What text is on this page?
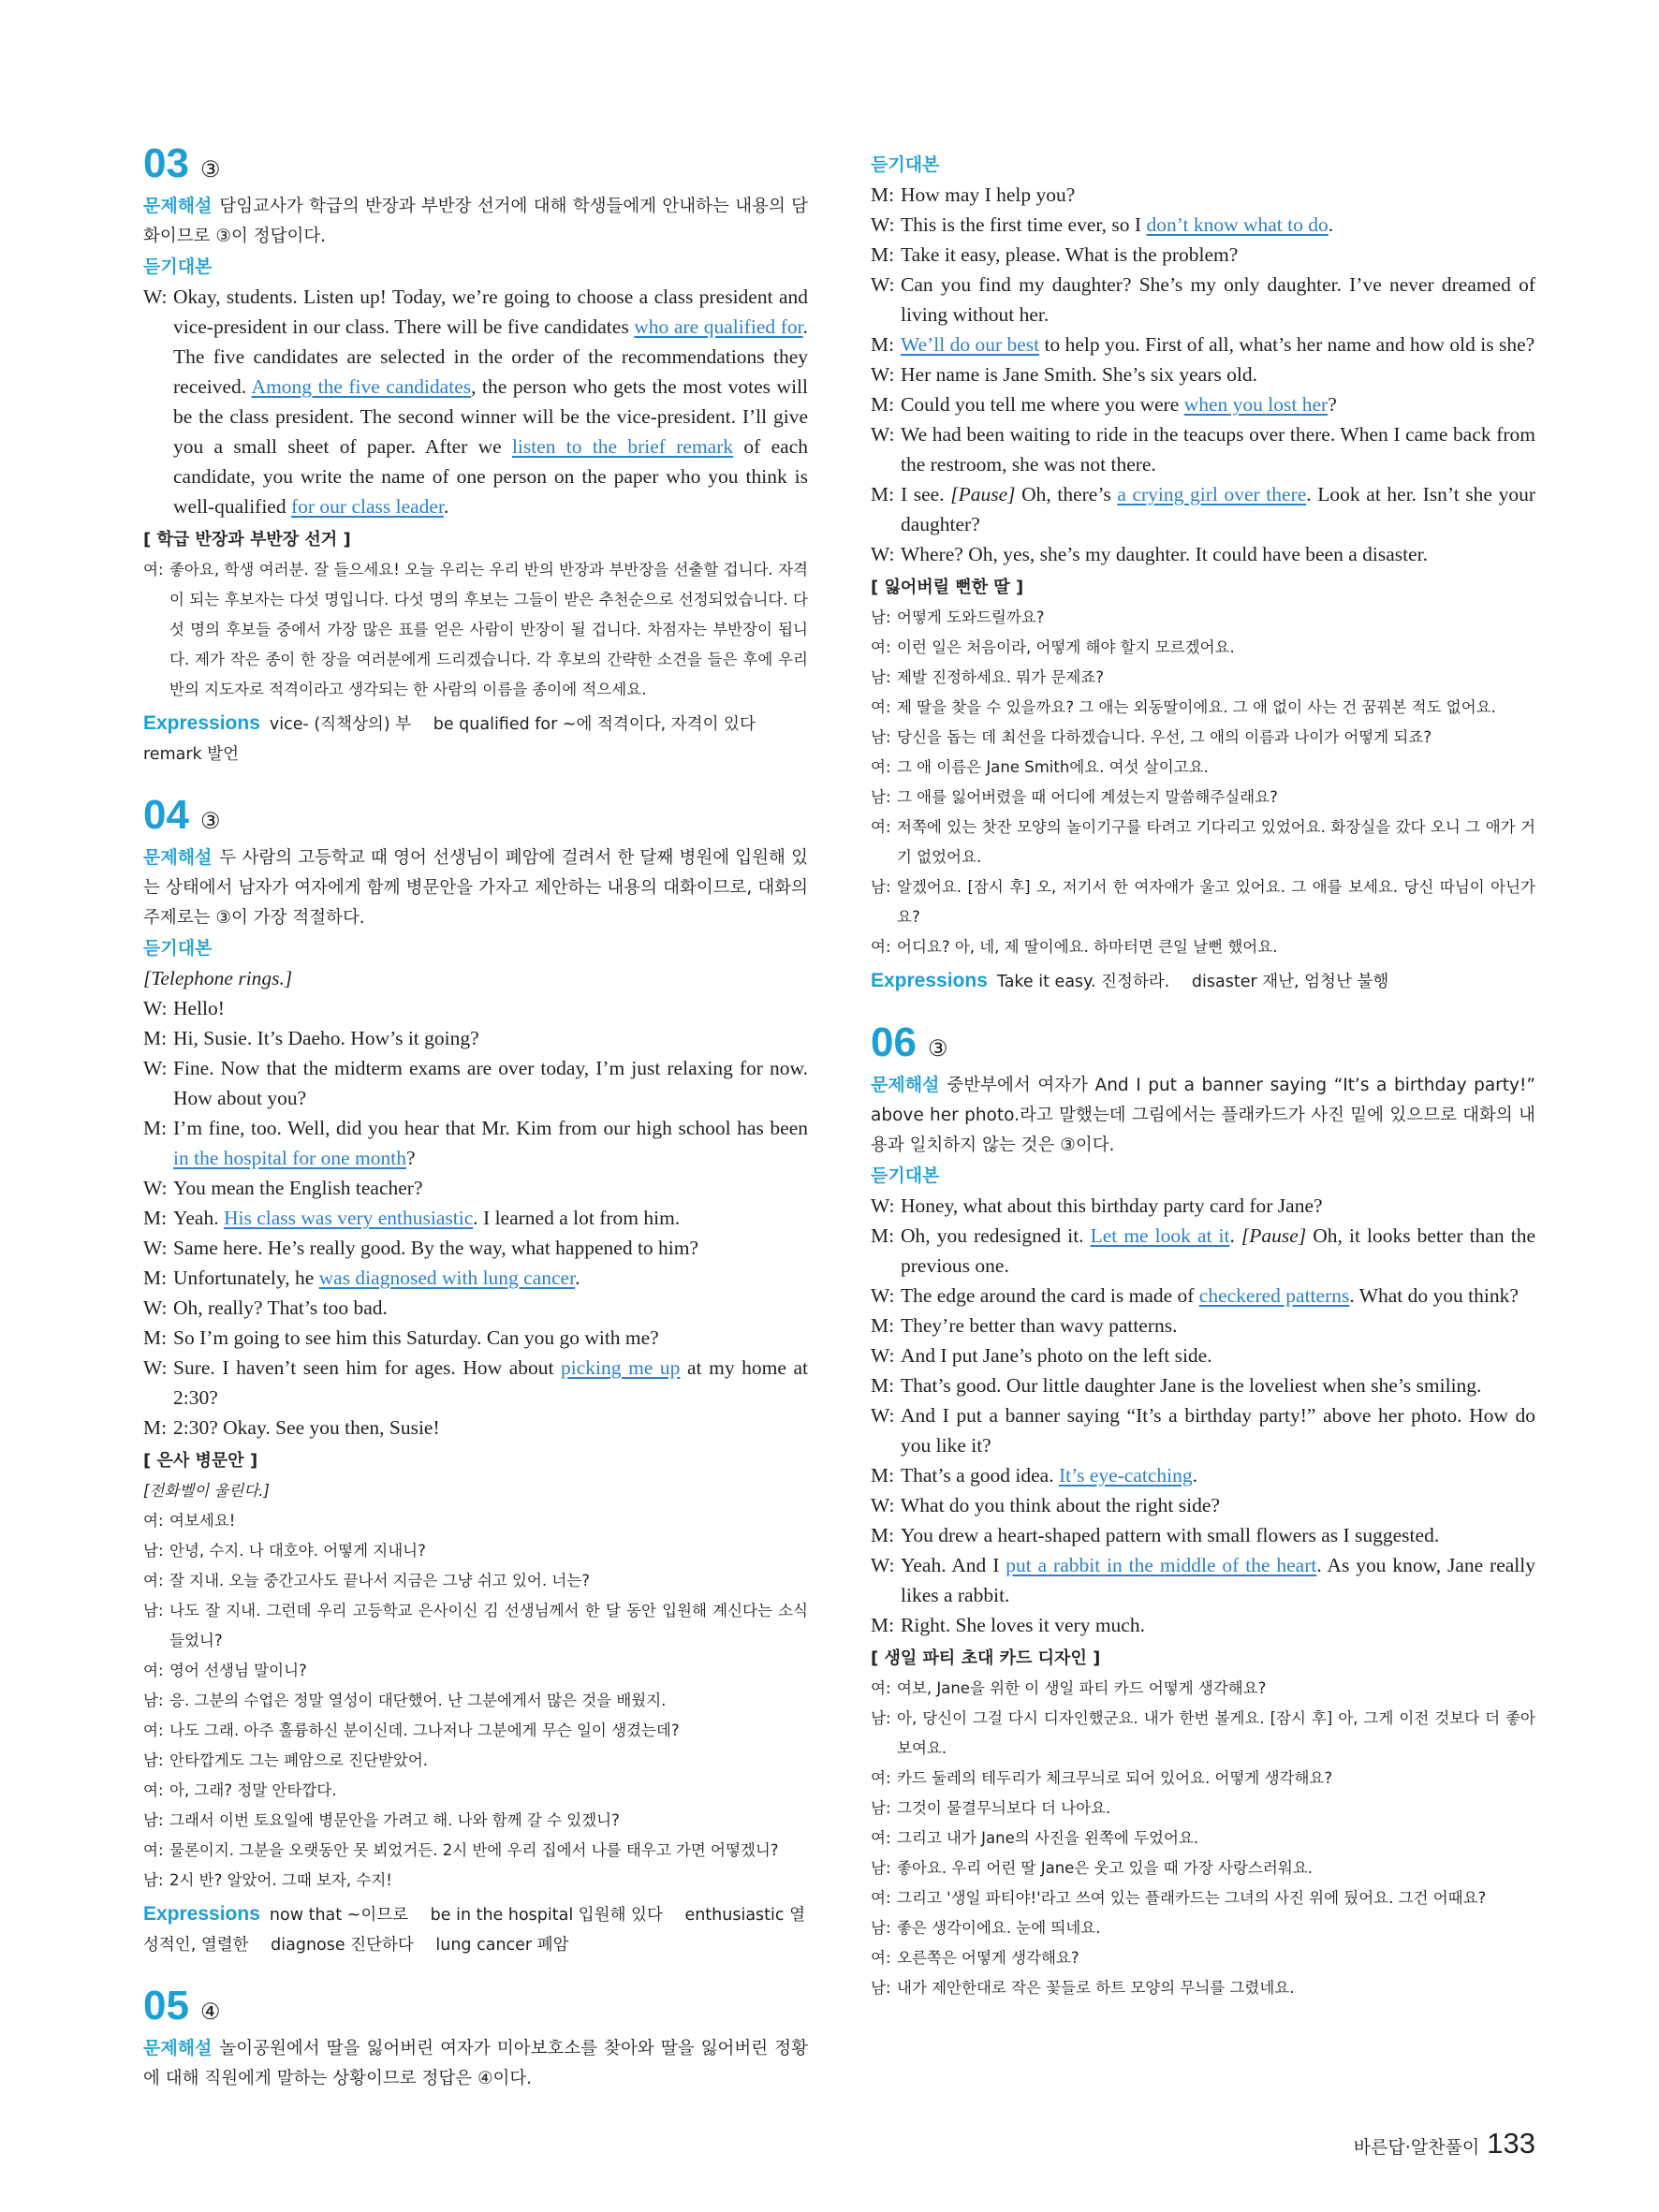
03 ③

문제해설 담임교사가 학급의 반장과 부반장 선거에 대해 학생들에게 안내하는 내용의 담화이므로 ③이 정답이다.

듣기대본

W: Okay, students. Listen up! Today, we’re going to choose a class president and vice-president in our class. There will be five candidates who are qualified for. The five candidates are selected in the order of the recommendations they received. Among the five candidates, the person who gets the most votes will be the class president. The second winner will be the vice-president. I’ll give you a small sheet of paper. After we listen to the brief remark of each candidate, you write the name of one person on the paper who you think is well-qualified for our class leader.
[ 학급 반장과 부반장 선거 ]
여: 좋아요, 학생 여러분. 잘 들으세요! 오늘 우리는 우리 반의 반장과 부반장을 선출할 겁니다. 자격이 되는 후보자는 다섯 명입니다. 다섯 명의 후보는 그들이 받은 추천순으로 선정되었습니다. 다섯 명의 후보들 중에서 가장 많은 표를 얻은 사람이 반장이 될 겁니다. 차점자는 부반장이 됩니다. 제가 작은 종이 한 장을 여러분에게 드리겠습니다. 각 후보의 간략한 소견을 들은 후에 우리 반의 지도자로 적격이라고 생각되는 한 사람의 이름을 종이에 적으세요.

Expressions vice- (직책상의) 부 be qualified for ~에 적격이다, 자격이 있다 remark 발언

04 ③

문제해설 두 사람의 고등학교 때 영어 선생님이 폐암에 걸려서 한 달째 병원에 입원해 있는 상태에서 남자가 여자에게 함께 병문안을 가자고 제안하는 내용의 대화이므로, 대화의 주제로는 ③이 가장 적절하다.

듣기대본

[Telephone rings.]
W: Hello!
M: Hi, Susie. It’s Daeho. How’s it going?
W: Fine. Now that the midterm exams are over today, I’m just relaxing for now. How about you?
M: I’m fine, too. Well, did you hear that Mr. Kim from our high school has been in the hospital for one month?
W: You mean the English teacher?
M: Yeah. His class was very enthusiastic. I learned a lot from him.
W: Same here. He’s really good. By the way, what happened to him?
M: Unfortunately, he was diagnosed with lung cancer.
W: Oh, really? That’s too bad.
M: So I’m going to see him this Saturday. Can you go with me?
W: Sure. I haven’t seen him for ages. How about picking me up at my home at 2:30?
M: 2:30? Okay. See you then, Susie!
[ 은사 병문안 ]
[전화벨이 울린다.]
여: 여보세요!
남: 안녕, 수지. 나 대호야. 어떻게 지내니?
여: 잘 지내. 오늘 중간고사도 끝나서 지금은 그냥 쉬고 있어. 너는?
남: 나도 잘 지내. 그런데 우리 고등학교 은사이신 김 선생님께서 한 달 동안 입원해 계신다는 소식 들었니?
여: 영어 선생님 말이니?
남: 응. 그분의 수업은 정말 열성이 대단했어. 난 그분에게서 많은 것을 배웠지.
여: 나도 그래. 아주 훌륭하신 분이신데. 그나저나 그분에게 무슨 일이 생겼는데?
남: 안타깝게도 그는 폐암으로 진단받았어.
여: 아, 그래? 정말 안타깝다.
남: 그래서 이번 토요일에 병문안을 가려고 해. 나와 함께 갈 수 있겠니?
여: 물론이지. 그분을 오랫동안 못 뵈었거든. 2시 반에 우리 집에서 나를 태우고 가면 어떻겠니?
남: 2시 반? 알았어. 그때 보자, 수지!

Expressions now that ~이므로 be in the hospital 입원해 있다 enthusiastic 열성적인, 열렬한 diagnose 진단하다 lung cancer 폐암

05 ④

문제해설 놀이공원에서 딸을 잃어버린 여자가 미아보호소를 찾아와 딸을 잃어버린 정황에 대해 직원에게 말하는 상황이므로 정답은 ④이다.

듣기대본

M: How may I help you?
W: This is the first time ever, so I don’t know what to do.
M: Take it easy, please. What is the problem?
W: Can you find my daughter? She’s my only daughter. I’ve never dreamed of living without her.
M: We’ll do our best to help you. First of all, what’s her name and how old is she?
W: Her name is Jane Smith. She’s six years old.
M: Could you tell me where you were when you lost her?
W: We had been waiting to ride in the teacups over there. When I came back from the restroom, she was not there.
M: I see. [Pause] Oh, there’s a crying girl over there. Look at her. Isn’t she your daughter?
W: Where? Oh, yes, she’s my daughter. It could have been a disaster.
[ 잃어버릴 뻔한 딸 ]
남: 어떻게 도와드릴까요?
여: 이런 일은 처음이라, 어떻게 해야 할지 모르겠어요.
남: 제발 진정하세요. 뭐가 문제죠?
여: 제 딸을 찾을 수 있을까요? 그 애는 외동딸이에요. 그 애 없이 사는 건 꿈꿔본 적도 없어요.
남: 당신을 돕는 데 최선을 다하겠습니다. 우선, 그 애의 이름과 나이가 어떻게 되죠?
여: 그 애 이름은 Jane Smith에요. 여섯 살이고요.
남: 그 애를 잃어버렸을 때 어디에 계셨는지 말씀해주실래요?
여: 저쪽에 있는 찻잔 모양의 놀이기구를 타려고 기다리고 있었어요. 화장실을 갔다 오니 그 애가 거기 없었어요.
남: 알겠어요. [잠시 후] 오, 저기서 한 여자애가 울고 있어요. 그 애를 보세요. 당신 따님이 아닌가요?
여: 어디요? 아, 네, 제 딸이에요. 하마터면 큰일 날뻔 했어요.

Expressions Take it easy. 진정하라. disaster 재난, 엄청난 불행

06 ③

문제해설 중반부에서 여자가 And I put a banner saying “It’s a birthday party!” above her photo.라고 말했는데 그림에서는 플래카드가 사진 밑에 있으므로 대화의 내용과 일치하지 않는 것은 ③이다.

듣기대본

W: Honey, what about this birthday party card for Jane?
M: Oh, you redesigned it. Let me look at it. [Pause] Oh, it looks better than the previous one.
W: The edge around the card is made of checkered patterns. What do you think?
M: They’re better than wavy patterns.
W: And I put Jane’s photo on the left side.
M: That’s good. Our little daughter Jane is the loveliest when she’s smiling.
W: And I put a banner saying “It’s a birthday party!” above her photo. How do you like it?
M: That’s a good idea. It’s eye-catching.
W: What do you think about the right side?
M: You drew a heart-shaped pattern with small flowers as I suggested.
W: Yeah. And I put a rabbit in the middle of the heart. As you know, Jane really likes a rabbit.
M: Right. She loves it very much.
[ 생일 파티 초대 카드 디자인 ]
여: 여보, Jane을 위한 이 생일 파티 카드 어떻게 생각해요?
남: 아, 당신이 그걸 다시 디자인했군요. 내가 한번 볼게요. [잠시 후] 아, 그게 이전 것보다 더 좋아 보여요.
여: 카드 둘레의 테두리가 체크무늬로 되어 있어요. 어떻게 생각해요?
남: 그것이 물결무늬보다 더 나아요.
여: 그리고 내가 Jane의 사진을 왼쪽에 두었어요.
남: 좋아요. 우리 어린 딸 Jane은 웃고 있을 때 가장 사랑스러워요.
여: 그리고 '생일 파티야!'라고 쓰여 있는 플래카드는 그녀의 사진 위에 뒀어요. 그건 어때요?
남: 좋은 생각이에요. 눈에 띄네요.
여: 오른쪽은 어떻게 생각해요?
남: 내가 제안한대로 작은 꽃들로 하트 모양의 무늬를 그렸네요.
바른답·알찬풀이 133
